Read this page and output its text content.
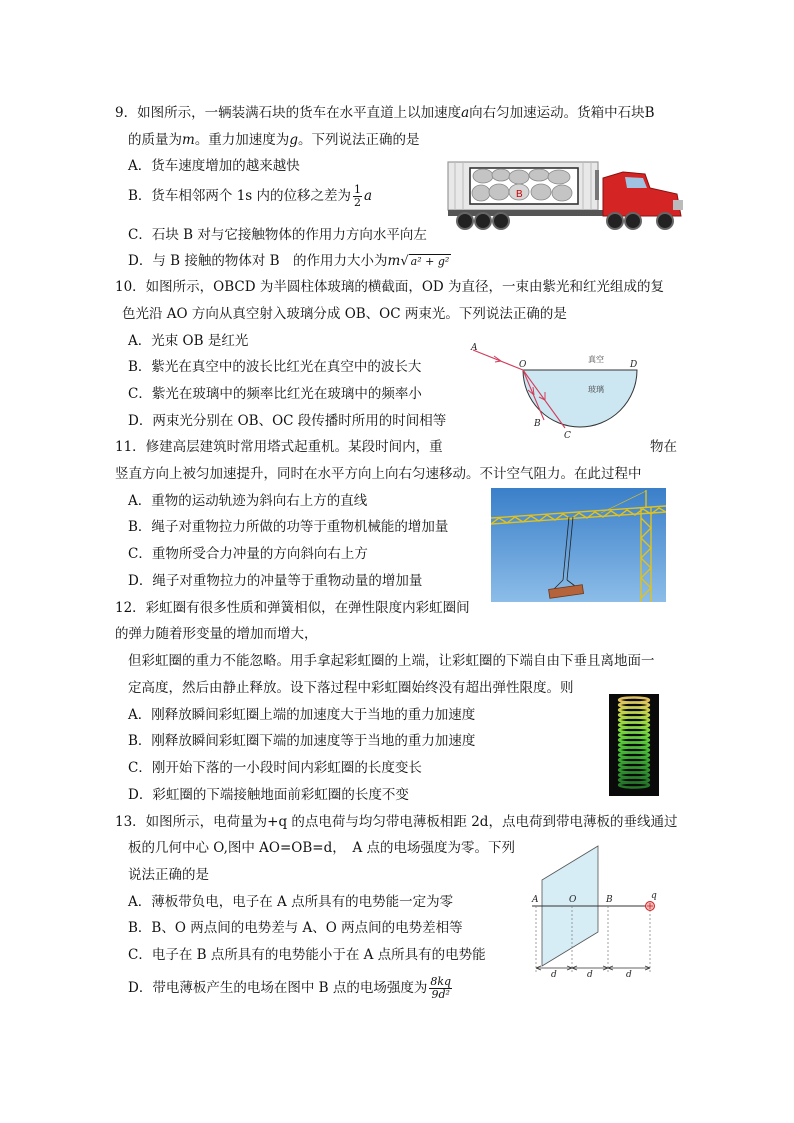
9．如图所示，一辆装满石块的货车在水平直道上以加速度a向右匀加速运动。货箱中石块B
的质量为m。重力加速度为g。下列说法正确的是
A．货车速度增加的越来越快
B．货车相邻两个 1s 内的位移之差为 $\frac{1}{2}$ a
C．石块 B 对与它接触物体的作用力方向水平向左
D．与 B 接触的物体对 B　的作用力大小为m√ a² + g²
B
10．如图所示，OBCD 为半圆柱体玻璃的横截面，OD 为直径，一束由紫光和红光组成的复
色光沿 AO 方向从真空射入玻璃分成 OB、OC 两束光。下列说法正确的是
A．光束 OB 是红光
B．紫光在真空中的波长比红光在真空中的波长大
C．紫光在玻璃中的频率比红光在玻璃中的频率小
D．两束光分别在 OB、OC 段传播时所用的时间相等
A
O	D
B
C
真空
玻璃
11．修建高层建筑时常用塔式起重机。某段时间内，重	物在
竖直方向上被匀加速提升，同时在水平方向上向右匀速移动。不计空气阻力。在此过程中
A．重物的运动轨迹为斜向右上方的直线
B．绳子对重物拉力所做的功等于重物机械能的增加量
C．重物所受合力冲量的方向斜向右上方
D．绳子对重物拉力的冲量等于重物动量的增加量
12．彩虹圈有很多性质和弹簧相似，在弹性限度内彩虹圈间
的弹力随着形变量的增加而增大，
但彩虹圈的重力不能忽略。用手拿起彩虹圈的上端，让彩虹圈的下端自由下垂且离地面一
定高度，然后由静止释放。设下落过程中彩虹圈始终没有超出弹性限度。则
A．刚释放瞬间彩虹圈上端的加速度大于当地的重力加速度
B．刚释放瞬间彩虹圈下端的加速度等于当地的重力加速度
C．刚开始下落的一小段时间内彩虹圈的长度变长
D．彩虹圈的下端接触地面前彩虹圈的长度不变
13．如图所示，电荷量为+q 的点电荷与均匀带电薄板相距 2d，点电荷到带电薄板的垂线通过
板的几何中心 O,图中 AO=OB=d，　A 点的电场强度为零。下列
说法正确的是
A．薄板带负电，电子在 A 点所具有的电势能一定为零
B．B、O 两点间的电势差与 A、O 两点间的电势差相等
C．电子在 B 点所具有的电势能小于在 A 点所具有的电势能
D．带电薄板产生的电场在图中 B 点的电场强度为 $\frac{8kq}{\text{9d²}}$
A	O	B	q
d	d	d
